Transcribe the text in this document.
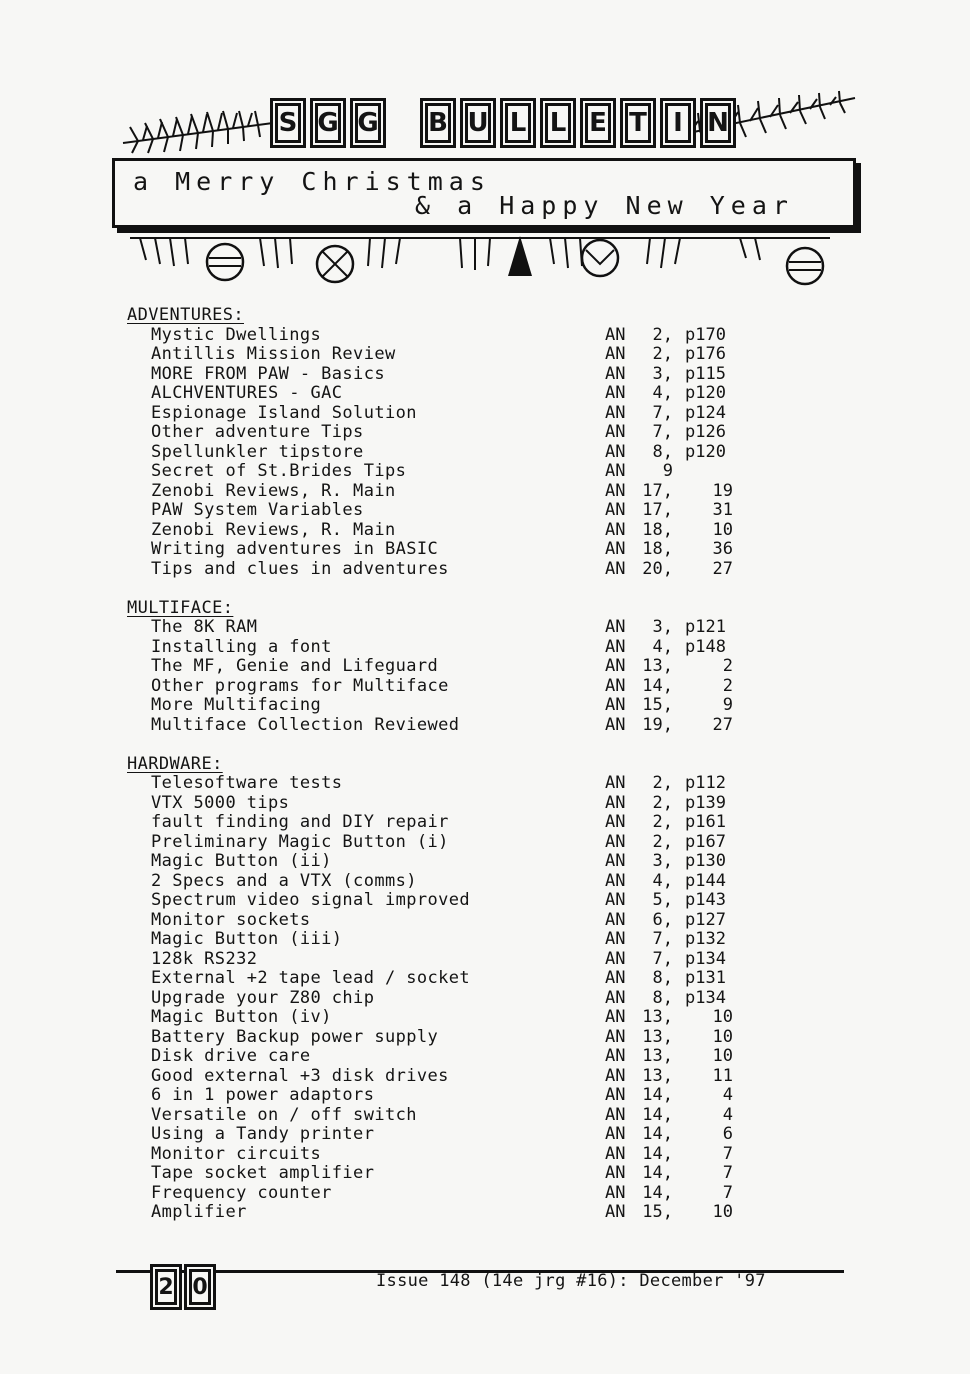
S G G	B U L L E T	I N
a Merry Christmas
& a Happy New Year
ADVENTURES:
Mystic Dwellings	AN	2, p170
Antillis Mission Review	AN	2, p176
MORE FROM PAW - Basics	AN	3, p115
ALCHVENTURES - GAC	AN	4, p120
Espionage Island Solution	AN	7, p124
Other adventure Tips	AN	7, p126
Spellunkler tipstore	AN	8, p120
Secret of St.Brides Tips	AN	9
Zenobi Reviews, R. Main	AN 17,	19
PAW System Variables	AN 17,	31
Zenobi Reviews, R. Main	AN 18,	10
Writing adventures in BASIC	AN 18,	36
Tips and clues in adventures	AN 20,	27
MULTIFACE:
The 8K RAM	AN	3, p121
Installing a font	AN	4, p148
The MF, Genie and Lifeguard	AN 13,	2
Other programs for Multiface	AN 14,	2
More Multifacing	AN 15,	9
Multiface Collection Reviewed	AN 19,	27
HARDWARE:
Telesoftware tests	AN	2, p112
VTX 5000 tips	AN	2, p139
fault finding and DIY repair	AN	2, p161
Preliminary Magic Button (i)	AN	2, p167
Magic Button (ii)	AN	3, p130
2 Specs and a VTX (comms)	AN	4, p144
Spectrum video signal improved	AN	5, p143
Monitor sockets	AN	6, p127
Magic Button (iii)	AN	7, p132
128k RS232	AN	7, p134
External +2 tape lead / socket	AN	8, p131
Upgrade your Z80 chip	AN	8, p134
Magic Button (iv)	AN 13,	10
Battery Backup power supply	AN 13,	10
Disk drive care	AN 13,	10
Good external +3 disk drives	AN 13,	11
6 in 1 power adaptors	AN 14,	4
Versatile on / off switch	AN 14,	4
Using a Tandy printer	AN 14,	6
Monitor circuits	AN 14,	7
Tape socket amplifier	AN 14,	7
Frequency counter	AN 14,	7
Amplifier	AN 15,	10
2 0	Issue 148 (14e jrg #16): December '97
